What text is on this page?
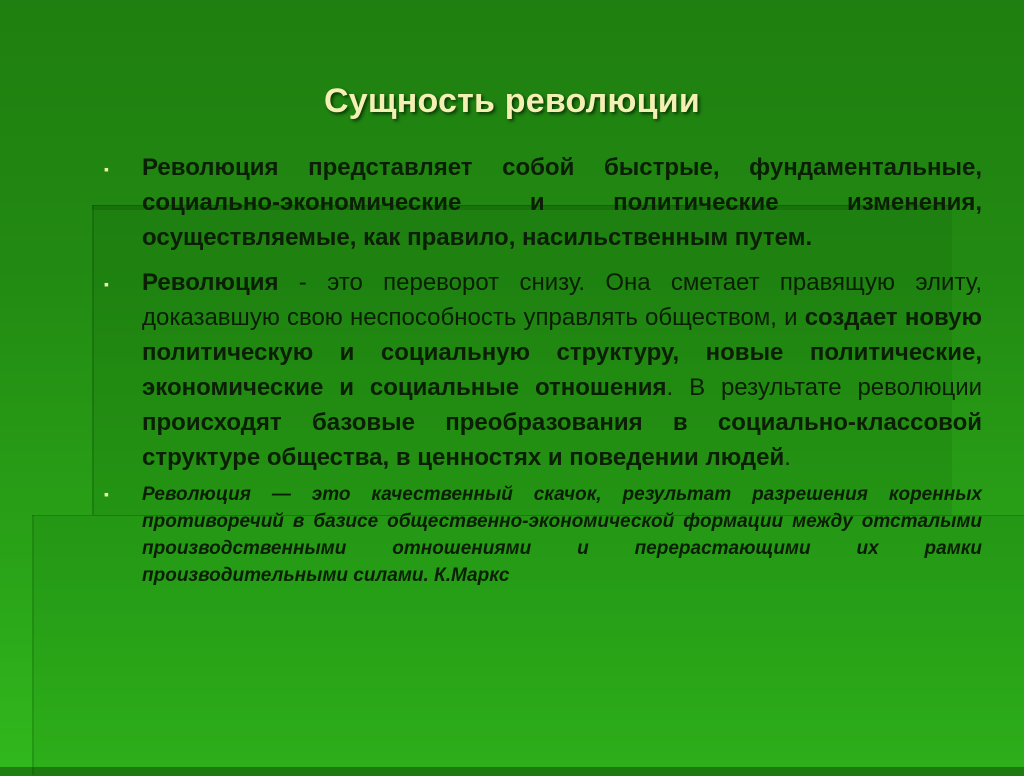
Сущность революции
▪ Революция представляет собой быстрые, фундаментальные, социально-экономические и политические изменения, осуществляемые, как правило, насильственным путем.
▪ Революция - это переворот снизу. Она сметает правящую элиту, доказавшую свою неспособность управлять обществом, и создает новую политическую и социальную структуру, новые политические, экономические и социальные отношения. В результате революции происходят базовые преобразования в социально-классовой структуре общества, в ценностях и поведении людей.
▪ Революция — это качественный скачок, результат разрешения коренных противоречий в базисе общественно-экономической формации между отсталыми производственными отношениями и перерастающими их рамки производительными силами. К.Маркс
